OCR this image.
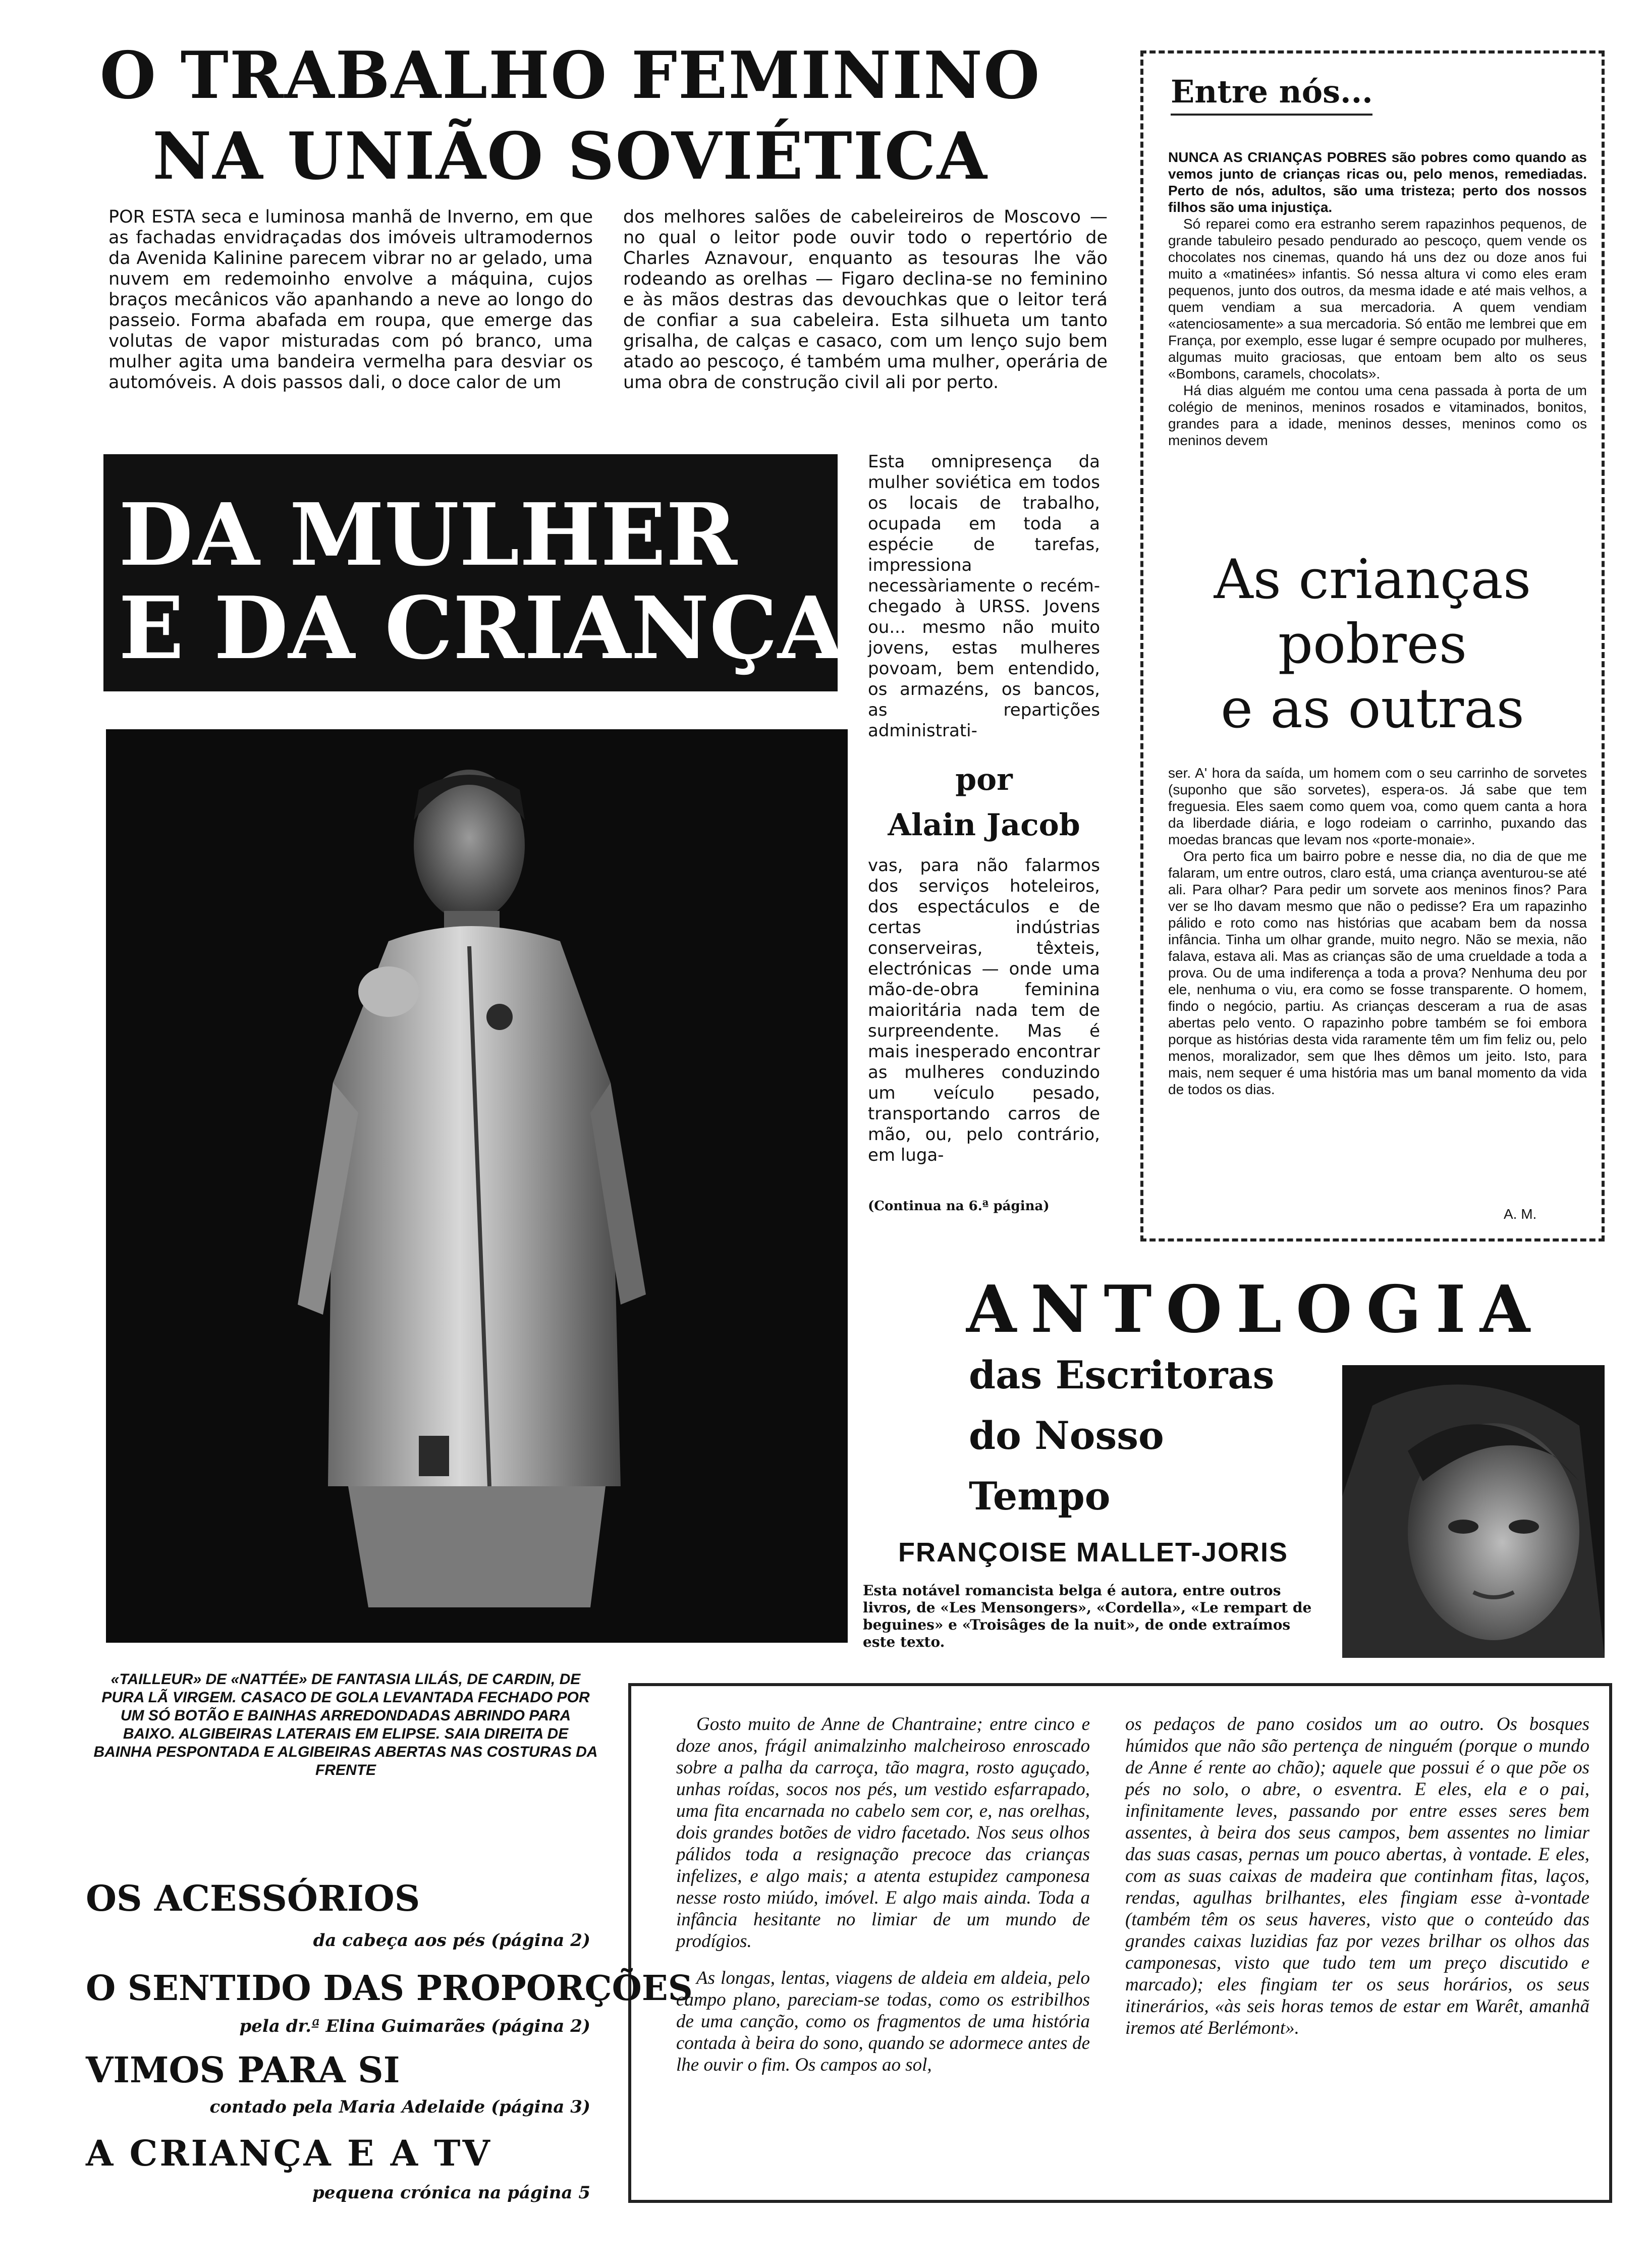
O TRABALHO FEMININO
NA UNIÃO SOVIÉTICA

POR ESTA seca e luminosa manhã de Inverno, em que as fachadas envidraçadas dos imóveis ultramodernos da Avenida Kalinine parecem vibrar no ar gelado, uma nuvem em redemoinho envolve a máquina, cujos braços mecânicos vão apanhando a neve ao longo do passeio. Forma abafada em roupa, que emerge das volutas de vapor misturadas com pó branco, uma mulher agita uma bandeira vermelha para desviar os automóveis. A dois passos dali, o doce calor de um

dos melhores salões de cabeleireiros de Moscovo — no qual o leitor pode ouvir todo o repertório de Charles Aznavour, enquanto as tesouras lhe vão rodeando as orelhas — Figaro declina-se no feminino e às mãos destras das devouchkas que o leitor terá de confiar a sua cabeleira. Esta silhueta um tanto grisalha, de calças e casaco, com um lenço sujo bem atado ao pescoço, é também uma mulher, operária de uma obra de construção civil ali por perto.

DA MULHER
E DA CRIANÇA

Esta omnipresença da mulher soviética em todos os locais de trabalho, ocupada em toda a espécie de tarefas, impressiona necessàriamente o recém-chegado à URSS. Jovens ou... mesmo não muito jovens, estas mulheres povoam, bem entendido, os armazéns, os bancos, as repartições administrati-

por
Alain Jacob

vas, para não falarmos dos serviços hoteleiros, dos espectáculos e de certas indústrias conserveiras, têxteis, electrónicas — onde uma mão-de-obra feminina maioritária nada tem de surpreendente. Mas é mais inesperado encontrar as mulheres conduzindo um veículo pesado, transportando carros de mão, ou, pelo contrário, em luga-

(Continua na 6.ª página)
«TAILLEUR» DE «NATTÉE» DE FANTASIA LILÁS, DE CARDIN, DE PURA LÃ VIRGEM. CASACO DE GOLA LEVANTADA FECHADO POR UM SÓ BOTÃO E BAINHAS ARREDONDADAS ABRINDO PARA BAIXO. ALGIBEIRAS LATERAIS EM ELIPSE. SAIA DIREITA DE BAINHA PESPONTADA E ALGIBEIRAS ABERTAS NAS COSTURAS DA FRENTE
Entre nós...

NUNCA AS CRIANÇAS POBRES são pobres como quando as vemos junto de crianças ricas ou, pelo menos, remediadas. Perto de nós, adultos, são uma tristeza; perto dos nossos filhos são uma injustiça.

Só reparei como era estranho serem rapazinhos pequenos, de grande tabuleiro pesado pendurado ao pescoço, quem vende os chocolates nos cinemas, quando há uns dez ou doze anos fui muito a «matinées» infantis. Só nessa altura vi como eles eram pequenos, junto dos outros, da mesma idade e até mais velhos, a quem vendiam a sua mercadoria. A quem vendiam «atenciosamente» a sua mercadoria. Só então me lembrei que em França, por exemplo, esse lugar é sempre ocupado por mulheres, algumas muito graciosas, que entoam bem alto os seus «Bombons, caramels, chocolats».

Há dias alguém me contou uma cena passada à porta de um colégio de meninos, meninos rosados e vitaminados, bonitos, grandes para a idade, meninos desses, meninos como os meninos devem

As crianças
pobres
e as outras

ser. A' hora da saída, um homem com o seu carrinho de sorvetes (suponho que são sorvetes), espera-os. Já sabe que tem freguesia. Eles saem como quem voa, como quem canta a hora da liberdade diária, e logo rodeiam o carrinho, puxando das moedas brancas que levam nos «porte-monaie».

Ora perto fica um bairro pobre e nesse dia, no dia de que me falaram, um entre outros, claro está, uma criança aventurou-se até ali. Para olhar? Para pedir um sorvete aos meninos finos? Para ver se lho davam mesmo que não o pedisse? Era um rapazinho pálido e roto como nas histórias que acabam bem da nossa infância. Tinha um olhar grande, muito negro. Não se mexia, não falava, estava ali. Mas as crianças são de uma crueldade a toda a prova. Ou de uma indiferença a toda a prova? Nenhuma deu por ele, nenhuma o viu, era como se fosse transparente. O homem, findo o negócio, partiu. As crianças desceram a rua de asas abertas pelo vento. O rapazinho pobre também se foi embora porque as histórias desta vida raramente têm um fim feliz ou, pelo menos, moralizador, sem que lhes dêmos um jeito. Isto, para mais, nem sequer é uma história mas um banal momento da vida de todos os dias.

A. M.
ANTOLOGIA
das Escritoras
do Nosso
Tempo
FRANÇOISE MALLET-JORIS
Esta notável romancista belga é autora, entre outros livros, de «Les Mensongers», «Cordella», «Le rempart de beguines» e «Troisâges de la nuit», de onde extraímos este texto.

Gosto muito de Anne de Chantraine; entre cinco e doze anos, frágil animalzinho malcheiroso enroscado sobre a palha da carroça, tão magra, rosto aguçado, unhas roídas, socos nos pés, um vestido esfarrapado, uma fita encarnada no cabelo sem cor, e, nas orelhas, dois grandes botões de vidro facetado. Nos seus olhos pálidos toda a resignação precoce das crianças infelizes, e algo mais; a atenta estupidez camponesa nesse rosto miúdo, imóvel. E algo mais ainda. Toda a infância hesitante no limiar de um mundo de prodígios.

As longas, lentas, viagens de aldeia em aldeia, pelo campo plano, pareciam-se todas, como os estribilhos de uma canção, como os fragmentos de uma história contada à beira do sono, quando se adormece antes de lhe ouvir o fim. Os campos ao sol,

os pedaços de pano cosidos um ao outro. Os bosques húmidos que não são pertença de ninguém (porque o mundo de Anne é rente ao chão); aquele que possui é o que põe os pés no solo, o abre, o esventra. E eles, ela e o pai, infinitamente leves, passando por entre esses seres bem assentes, à beira dos seus campos, bem assentes no limiar das suas casas, pernas um pouco abertas, à vontade. E eles, com as suas caixas de madeira que continham fitas, laços, rendas, agulhas brilhantes, eles fingiam esse à-vontade (também têm os seus haveres, visto que o conteúdo das grandes caixas luzidias faz por vezes brilhar os olhos das camponesas, visto que tudo tem um preço discutido e marcado); eles fingiam ter os seus horários, os seus itinerários, «às seis horas temos de estar em Warêt, amanhã iremos até Berlémont».

OS ACESSÓRIOS
da cabeça aos pés (página 2)
O SENTIDO DAS PROPORÇÕES
pela dr.ª Elina Guimarães (página 2)
VIMOS PARA SI
contado pela Maria Adelaide (página 3)
A CRIANÇA E A TV
pequena crónica na página 5
